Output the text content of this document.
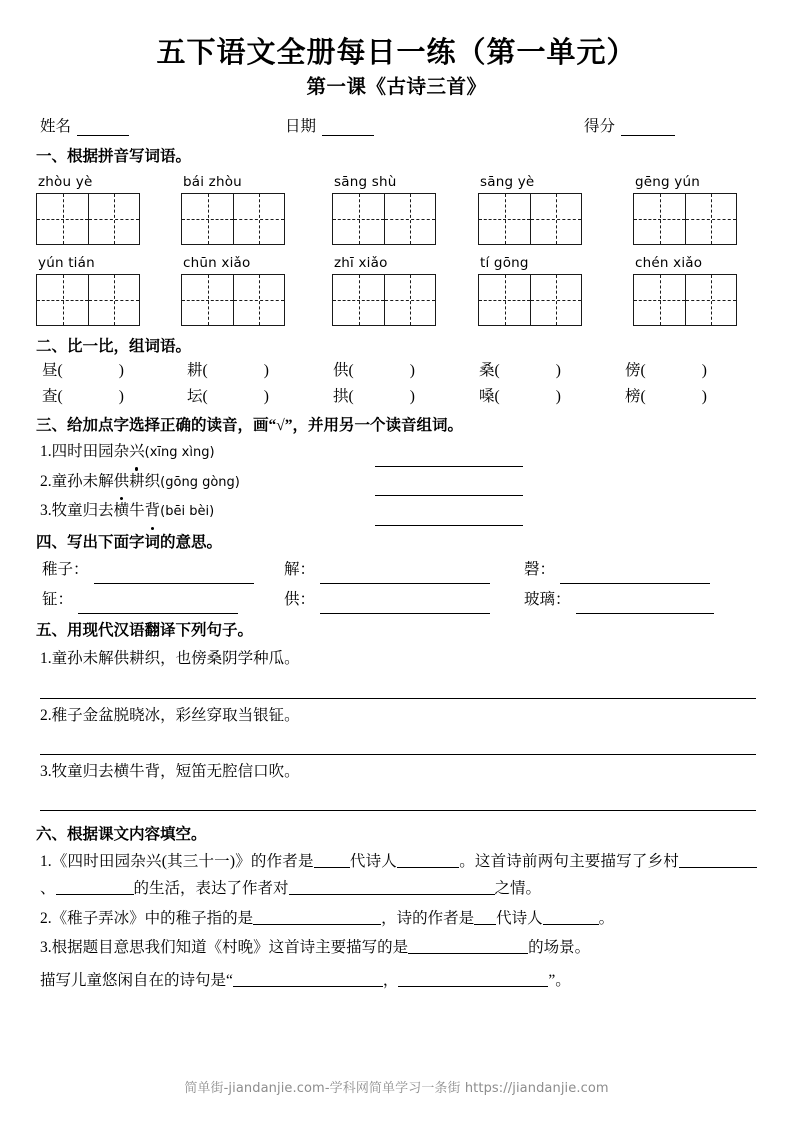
五下语文全册每日一练（第一单元）
第一课《古诗三首》
姓名	日期	得分
一、根据拼音写词语。
zhòu yè	bái zhòu	sāng shù	sāng yè	gēng yún
yún tián	chūn xiǎo	zhī xiǎo	tí gōng	chén xiǎo
二、比一比，组词语。
昼 (	)	耕 (	)	供 (	)	桑 (	)	傍 (	)
查 (	)	坛 (	)	拱 (	)	嗓 (	)	榜 (	)
三、给加点字选择正确的读音，画“√”，并用另一个读音组词。
1.四时田园杂兴(xīng xìng)
2.童孙未解供耕织(gōng gòng)
3.牧童归去横牛背(bēi bèi)
四、写出下面字词的意思。
稚子：	解：	磬：
钲：	供：	玻璃：
五、用现代汉语翻译下列句子。
1.童孙未解供耕织，也傍桑阴学种瓜。
2.稚子金盆脱晓冰，彩丝穿取当银钲。
3.牧童归去横牛背，短笛无腔信口吹。
六、根据课文内容填空。
1.《四时田园杂兴(其三十一)》的作者是 代诗人	。这首诗前两句主要描写了乡村、	的生活，表达了作者对	之情。
2.《稚子弄冰》中的稚子指的是	，诗的作者是 代诗人	。
3.根据题目意思我们知道《村晚》这首诗主要描写的是	的场景。
描写儿童悠闲自在的诗句是“	，	”。
简单街-jiandanjie.com-学科网简单学习一条街 https://jiandanjie.com
